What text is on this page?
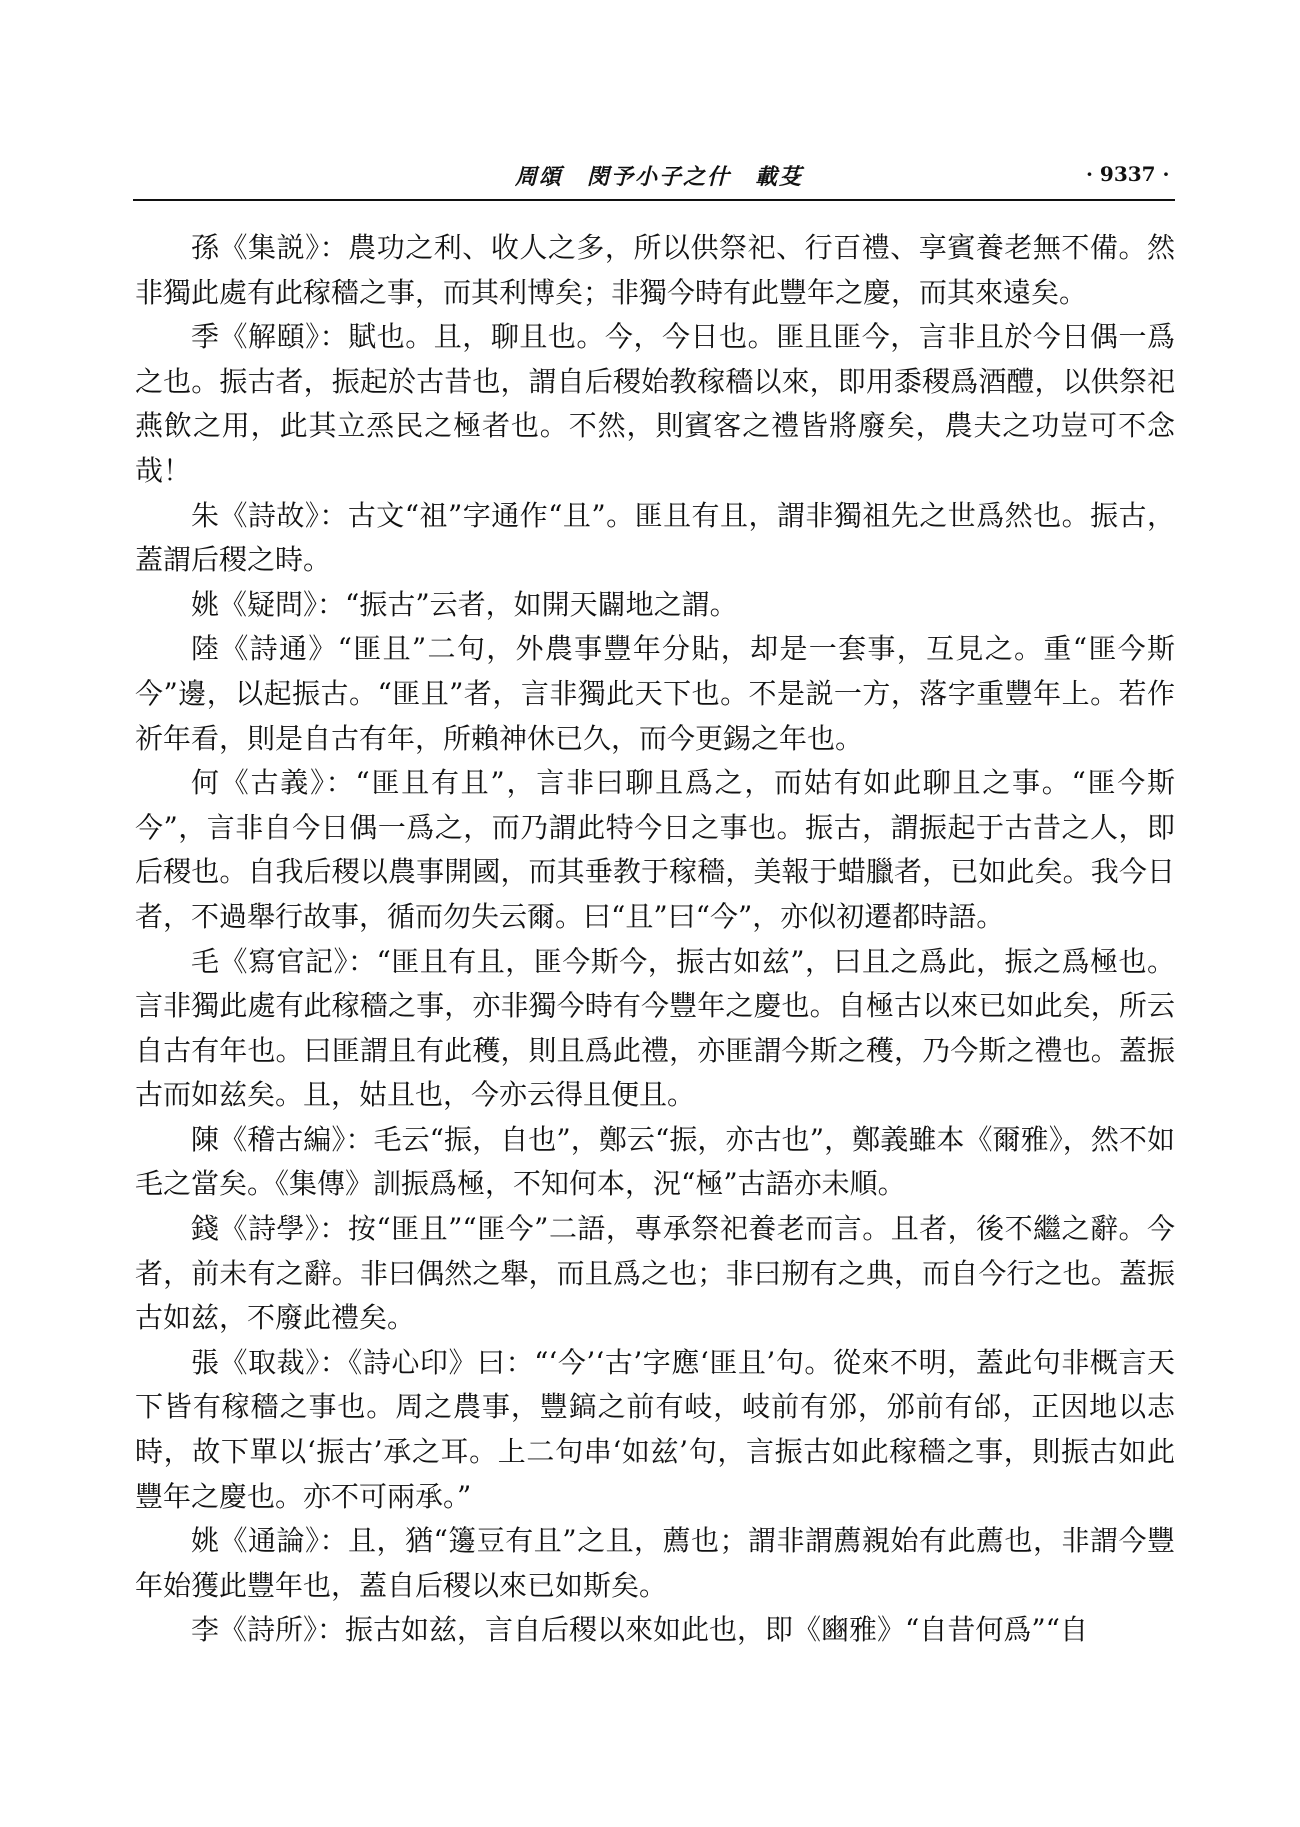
周頌　閔予小子之什　載芟	· 9337 ·

孫《集説》：農功之利、收人之多，所以供祭祀、行百禮、享賓養老無不備。然非獨此處有此稼穡之事，而其利博矣；非獨今時有此豐年之慶，而其來遠矣。

季《解頤》：賦也。且，聊且也。今，今日也。匪且匪今，言非且於今日偶一爲之也。振古者，振起於古昔也，謂自后稷始教稼穡以來，即用黍稷爲酒醴，以供祭祀燕飲之用，此其立烝民之極者也。不然，則賓客之禮皆將廢矣，農夫之功豈可不念哉！

朱《詩故》：古文“祖”字通作“且”。匪且有且，謂非獨祖先之世爲然也。振古，蓋謂后稷之時。

姚《疑問》：“振古”云者，如開天闢地之謂。

陸《詩通》“匪且”二句，外農事豐年分貼，却是一套事，互見之。重“匪今斯今”邊，以起振古。“匪且”者，言非獨此天下也。不是説一方，落字重豐年上。若作祈年看，則是自古有年，所賴神休已久，而今更錫之年也。

何《古義》：“匪且有且”，言非曰聊且爲之，而姑有如此聊且之事。“匪今斯今”，言非自今日偶一爲之，而乃謂此特今日之事也。振古，謂振起于古昔之人，即后稷也。自我后稷以農事開國，而其垂教于稼穡，美報于蜡臘者，已如此矣。我今日者，不過舉行故事，循而勿失云爾。曰“且”曰“今”，亦似初遷都時語。

毛《寫官記》：“匪且有且，匪今斯今，振古如兹”，曰且之爲此，振之爲極也。言非獨此處有此稼穡之事，亦非獨今時有今豐年之慶也。自極古以來已如此矣，所云自古有年也。曰匪謂且有此穫，則且爲此禮，亦匪謂今斯之穫，乃今斯之禮也。蓋振古而如兹矣。且，姑且也，今亦云得且便且。

陳《稽古編》：毛云“振，自也”，鄭云“振，亦古也”，鄭義雖本《爾雅》，然不如毛之當矣。《集傳》訓振爲極，不知何本，況“極”古語亦未順。

錢《詩學》：按“匪且”“匪今”二語，專承祭祀養老而言。且者，後不繼之辭。今者，前未有之辭。非曰偶然之舉，而且爲之也；非曰剏有之典，而自今行之也。蓋振古如兹，不廢此禮矣。

張《取裁》：《詩心印》曰：“‘今’‘古’字應‘匪且’句。從來不明，蓋此句非概言天下皆有稼穡之事也。周之農事，豐鎬之前有岐，岐前有邠，邠前有邰，正因地以志時，故下單以‘振古’承之耳。上二句串‘如兹’句，言振古如此稼穡之事，則振古如此豐年之慶也。亦不可兩承。”

姚《通論》：且，猶“籩豆有且”之且，薦也；謂非謂薦親始有此薦也，非謂今豐年始獲此豐年也，蓋自后稷以來已如斯矣。

李《詩所》：振古如兹，言自后稷以來如此也，即《豳雅》“自昔何爲”“自
